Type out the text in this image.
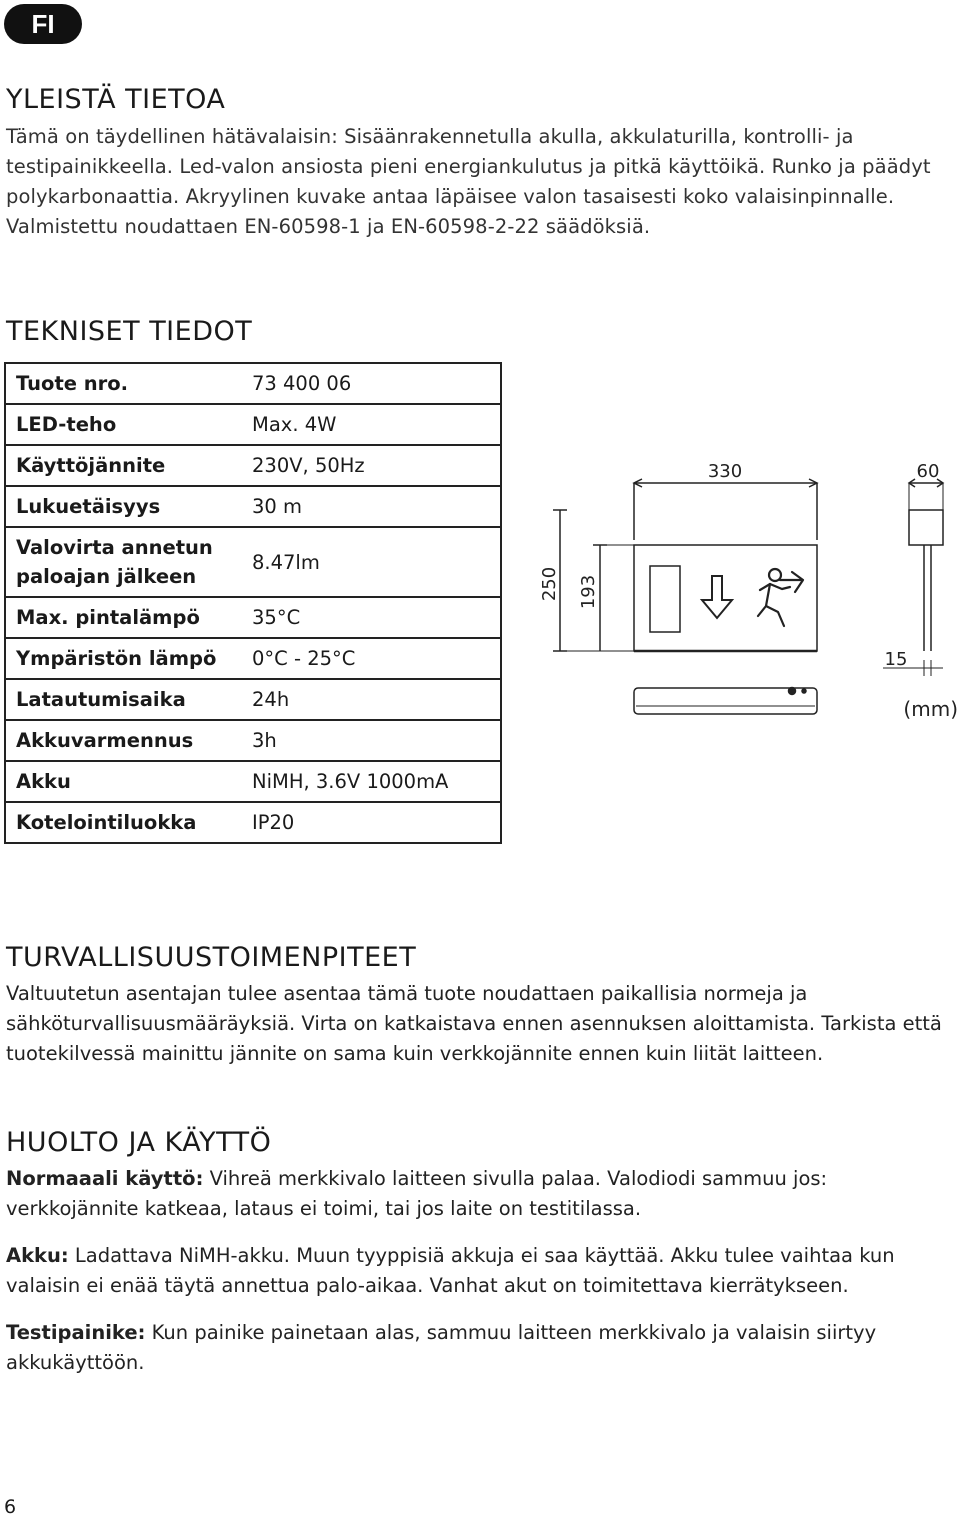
FI
YLEISTÄ TIETOA

Tämä on täydellinen hätävalaisin: Sisäänrakennetulla akulla, akkulaturilla, kontrolli- ja testipainikkeella. Led-valon ansiosta pieni energiankulutus ja pitkä käyttöikä. Runko ja päädyt polykarbonaattia. Akryylinen kuvake antaa läpäisee valon tasaisesti koko valaisinpinnalle. Valmistettu noudattaen EN-60598-1 ja EN-60598-2-22 säädöksiä.

TEKNISET TIEDOT
Tuote nro.	73 400 06
LED-teho	Max. 4W
Käyttöjännite	230V, 50Hz
Lukuetäisyys	30 m
Valovirta annetun paloajan jälkeen	8.47lm
Max. pintalämpö	35°C
Ympäristön lämpö	0°C - 25°C
Latautumisaika	24h
Akkuvarmennus	3h
Akku	NiMH, 3.6V 1000mA
Kotelointiluokka	IP20
330	60
250 193
15
(mm)
TURVALLISUUSTOIMENPITEET

Valtuutetun asentajan tulee asentaa tämä tuote noudattaen paikallisia normeja ja sähköturvallisuusmääräyksiä. Virta on katkaistava ennen asennuksen aloittamista. Tarkista että tuotekilvessä mainittu jännite on sama kuin verkkojännite ennen kuin liität laitteen.

HUOLTO JA KÄYTTÖ

Normaaali käyttö: Vihreä merkkivalo laitteen sivulla palaa. Valodiodi sammuu jos: verkkojännite katkeaa, lataus ei toimi, tai jos laite on testitilassa.

Akku: Ladattava NiMH-akku. Muun tyyppisiä akkuja ei saa käyttää. Akku tulee vaihtaa kun valaisin ei enää täytä annettua palo-aikaa. Vanhat akut on toimitettava kierrätykseen.

Testipainike: Kun painike painetaan alas, sammuu laitteen merkkivalo ja valaisin siirtyy akkukäyttöön.

6
